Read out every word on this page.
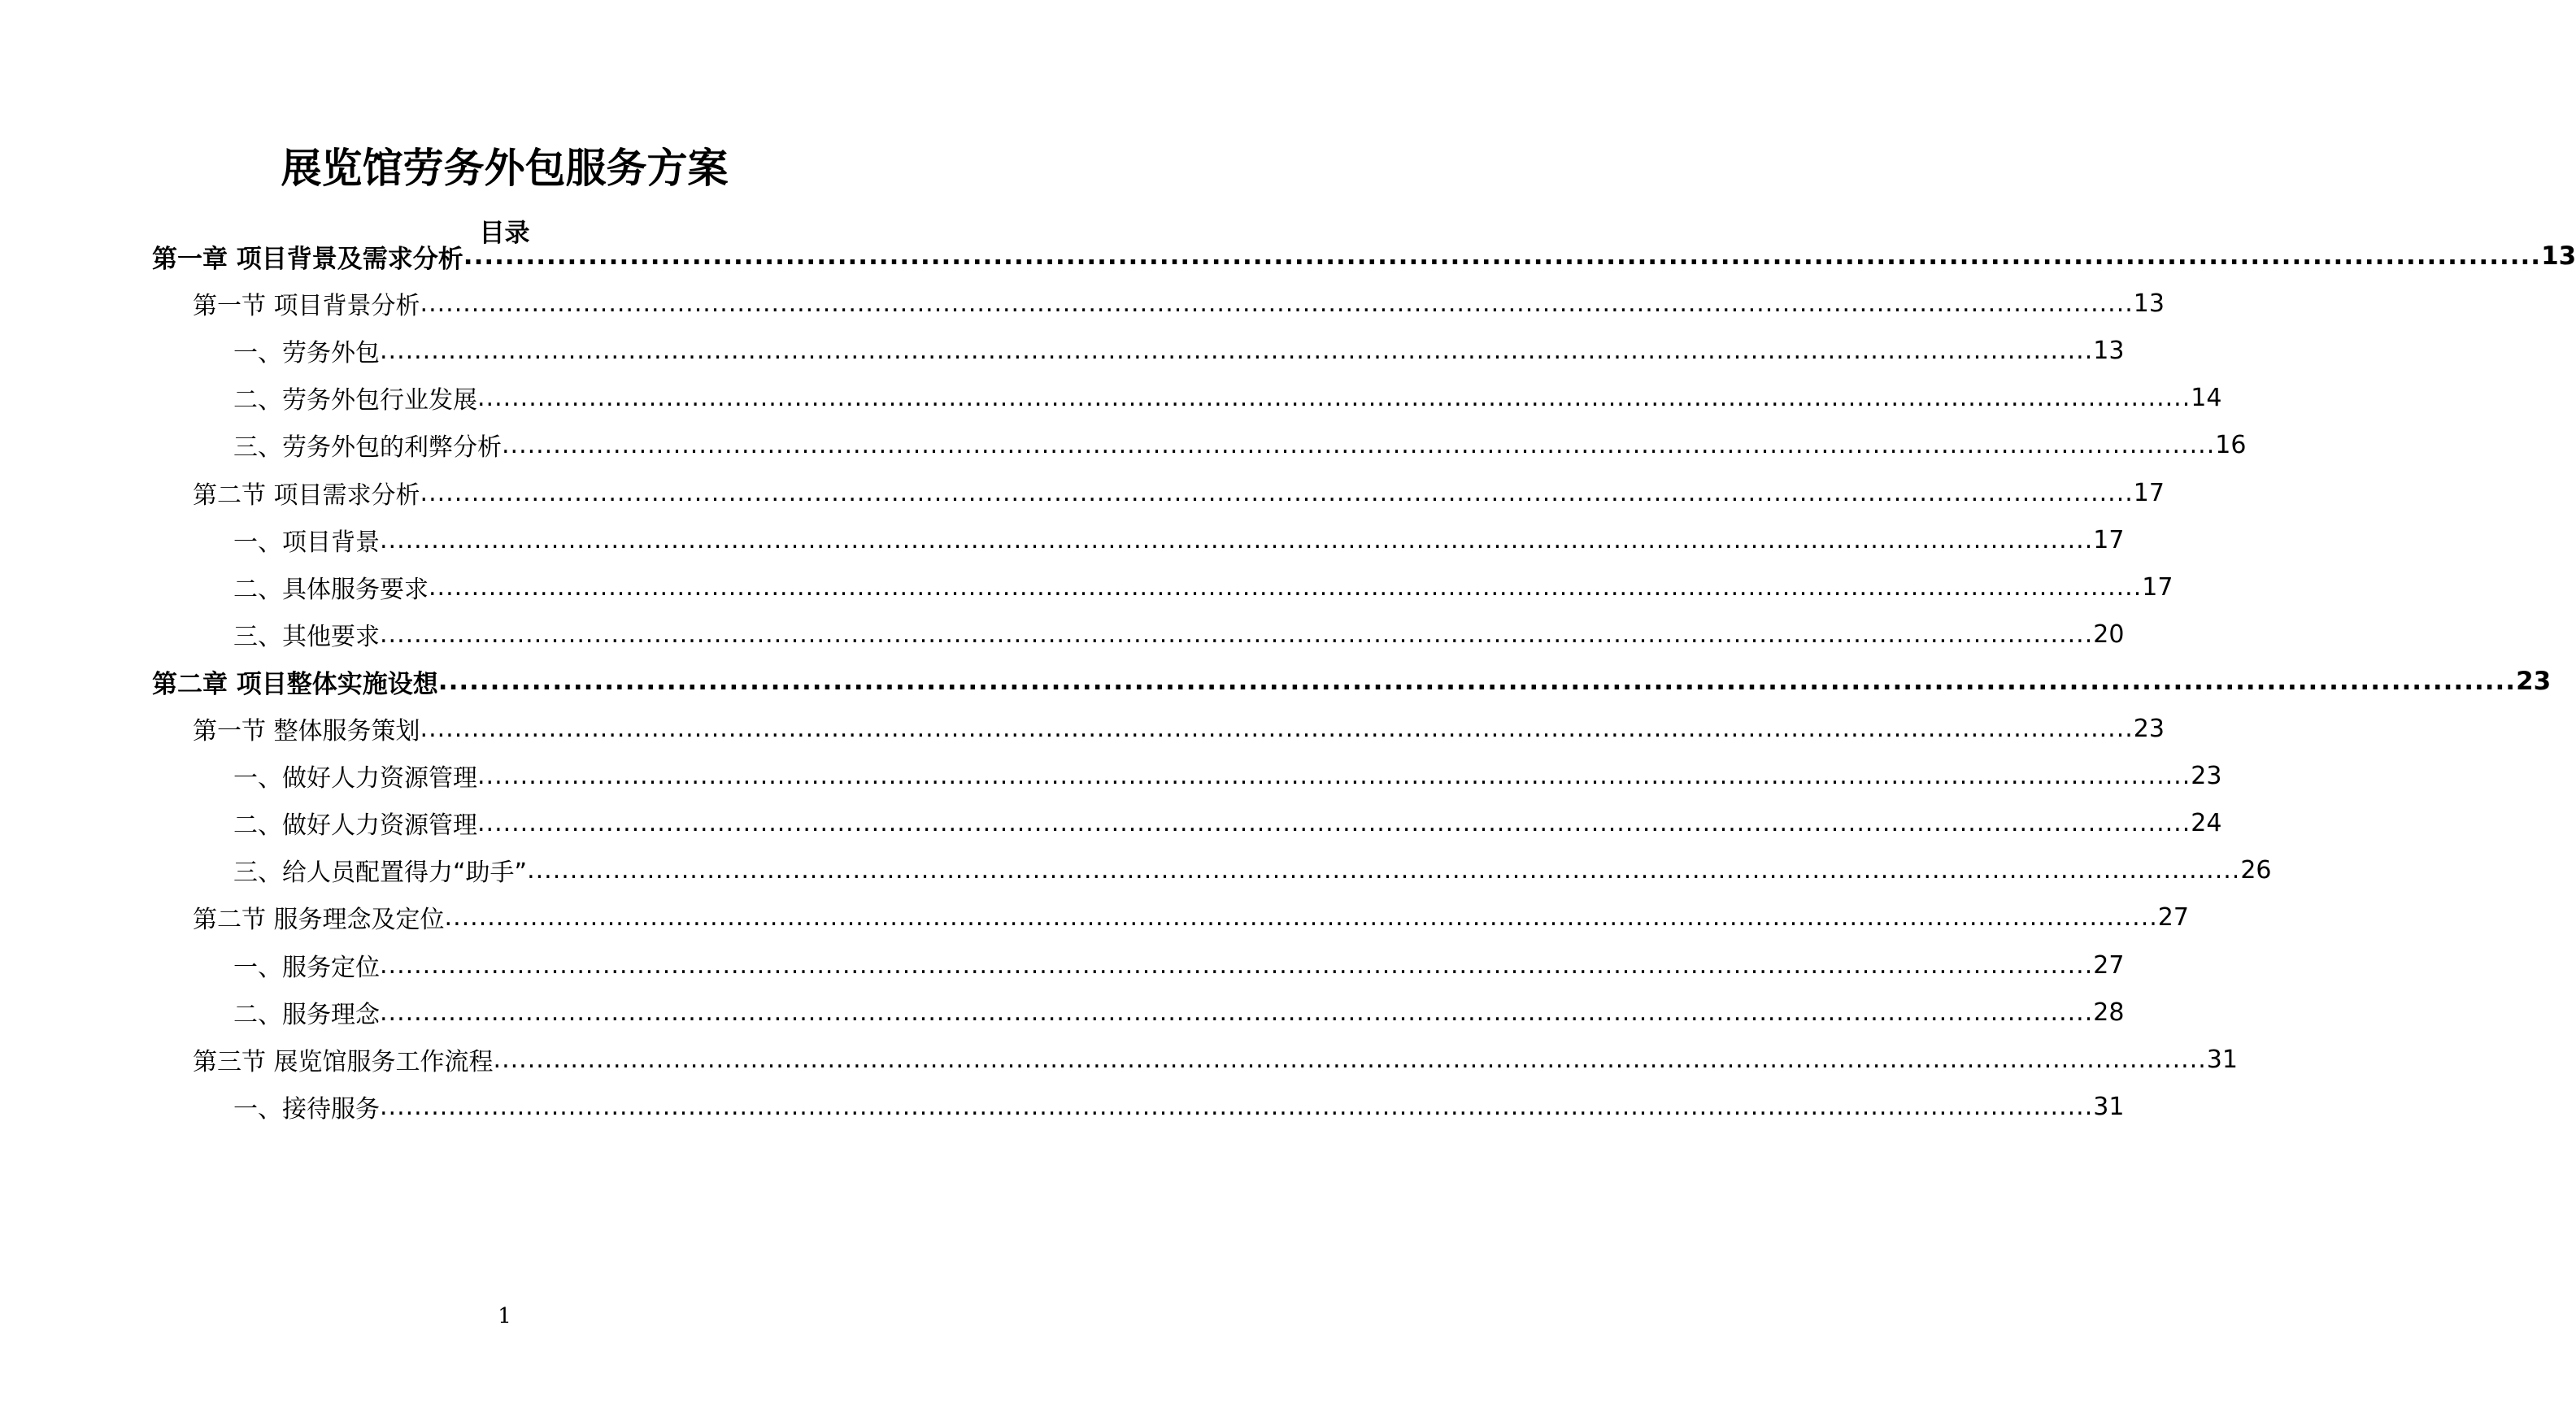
展览馆劳务外包服务方案
目录
第一章 项目背景及需求分析 ........................................................................................................................................................................................................ 13
第一节 项目背景分析 ........................................................................................................................................................................................................ 13
一、劳务外包 ........................................................................................................................................................................................................ 13
二、劳务外包行业发展 ........................................................................................................................................................................................................ 14
三、劳务外包的利弊分析 ........................................................................................................................................................................................................ 16
第二节 项目需求分析 ........................................................................................................................................................................................................ 17
一、项目背景 ........................................................................................................................................................................................................ 17
二、具体服务要求 ........................................................................................................................................................................................................ 17
三、其他要求 ........................................................................................................................................................................................................ 20
第二章 项目整体实施设想 ........................................................................................................................................................................................................ 23
第一节 整体服务策划 ........................................................................................................................................................................................................ 23
一、做好人力资源管理 ........................................................................................................................................................................................................ 23
二、做好人力资源管理 ........................................................................................................................................................................................................ 24
三、给人员配置得力“助手” ........................................................................................................................................................................................................ 26
第二节 服务理念及定位 ........................................................................................................................................................................................................ 27
一、服务定位 ........................................................................................................................................................................................................ 27
二、服务理念 ........................................................................................................................................................................................................ 28
第三节 展览馆服务工作流程 ........................................................................................................................................................................................................ 31
一、接待服务 ........................................................................................................................................................................................................ 31
1
